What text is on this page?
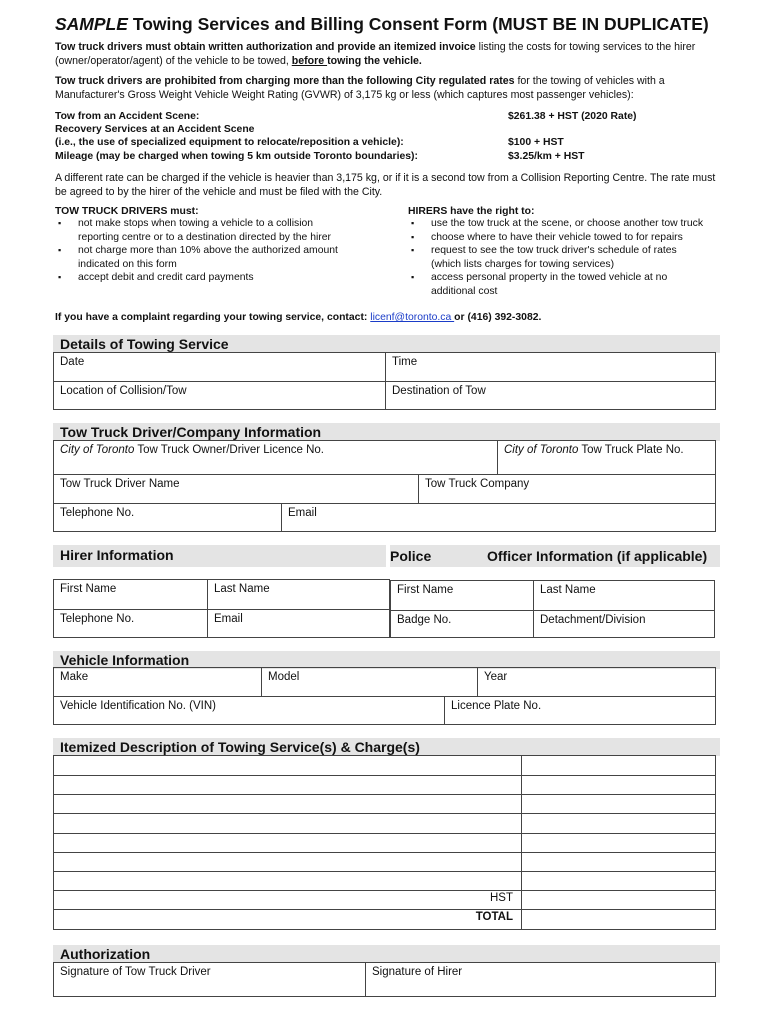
SAMPLE Towing Services and Billing Consent Form (MUST BE IN DUPLICATE)
Tow truck drivers must obtain written authorization and provide an itemized invoice listing the costs for towing services to the hirer (owner/operator/agent) of the vehicle to be towed, before towing the vehicle.
Tow truck drivers are prohibited from charging more than the following City regulated rates for the towing of vehicles with a Manufacturer's Gross Weight Vehicle Weight Rating (GVWR) of 3,175 kg or less (which captures most passenger vehicles):
Tow from an Accident Scene:	$261.38 + HST (2020 Rate)
Recovery Services at an Accident Scene
(i.e., the use of specialized equipment to relocate/reposition a vehicle):	$100 + HST
Mileage (may be charged when towing 5 km outside Toronto boundaries):	$3.25/km + HST
A different rate can be charged if the vehicle is heavier than 3,175 kg, or if it is a second tow from a Collision Reporting Centre. The rate must be agreed to by the hirer of the vehicle and must be filed with the City.
TOW TRUCK DRIVERS must:
▪ not make stops when towing a vehicle to a collision reporting centre or to a destination directed by the hirer
▪ not charge more than 10% above the authorized amount indicated on this form
▪ accept debit and credit card payments
HIRERS have the right to:
▪ use the tow truck at the scene, or choose another tow truck
▪ choose where to have their vehicle towed to for repairs
▪ request to see the tow truck driver's schedule of rates (which lists charges for towing services)
▪ access personal property in the towed vehicle at no additional cost
If you have a complaint regarding your towing service, contact: licenf@toronto.ca or (416) 392-3082.
Details of Towing Service
Date	Time
Location of Collision/Tow	Destination of Tow
Tow Truck Driver/Company Information
City of Toronto Tow Truck Owner/Driver Licence No.	City of Toronto Tow Truck Plate No.
Tow Truck Driver Name	Tow Truck Company
Telephone No.	Email
Hirer Information	Police	Officer Information (if applicable)
First Name	Last Name
Telephone No.	Email
First Name	Last Name
Badge No.	Detachment/Division
Vehicle Information
Make	Model	Year
Vehicle Identification No. (VIN)	Licence Plate No.
Itemized Description of Towing Service(s) & Charge(s)
HST
TOTAL
Authorization
Signature of Tow Truck Driver	Signature of Hirer
